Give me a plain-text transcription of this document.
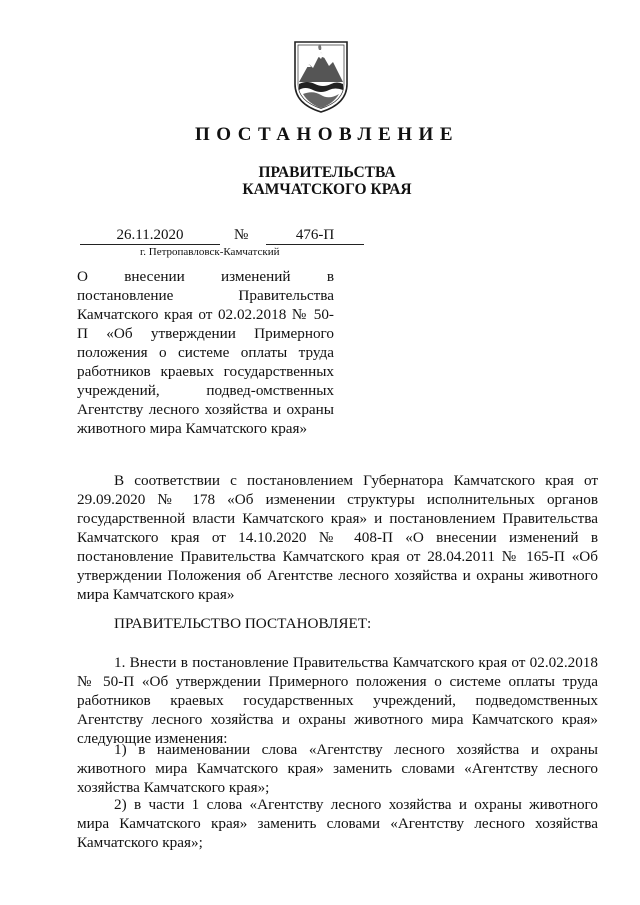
ПОСТАНОВЛЕНИЕ
ПРАВИТЕЛЬСТВА
КАМЧАТСКОГО КРАЯ
26.11.2020	№	476-П
г. Петропавловск-Камчатский

О внесении изменений в постановление Правительства Камчатского края от 02.02.2018 № 50-П «Об утверждении Примерного положения о системе оплаты труда работников краевых государственных учреждений, подвед-омственных Агентству лесного хозяйства и охраны животного мира Камчатского края»

В соответствии с постановлением Губернатора Камчатского края от 29.09.2020 № 178 «Об изменении структуры исполнительных органов государственной власти Камчатского края» и постановлением Правительства Камчатского края от 14.10.2020 № 408-П «О внесении изменений в постановление Правительства Камчатского края от 28.04.2011 № 165-П «Об утверждении Положения об Агентстве лесного хозяйства и охраны животного мира Камчатского края»

ПРАВИТЕЛЬСТВО ПОСТАНОВЛЯЕТ:

1. Внести в постановление Правительства Камчатского края от 02.02.2018 № 50-П «Об утверждении Примерного положения о системе оплаты труда работников краевых государственных учреждений, подведомственных Агентству лесного хозяйства и охраны животного мира Камчатского края» следующие изменения:

1) в наименовании слова «Агентству лесного хозяйства и охраны животного мира Камчатского края» заменить словами «Агентству лесного хозяйства Камчатского края»;

2) в части 1 слова «Агентству лесного хозяйства и охраны животного мира Камчатского края» заменить словами «Агентству лесного хозяйства Камчатского края»;
